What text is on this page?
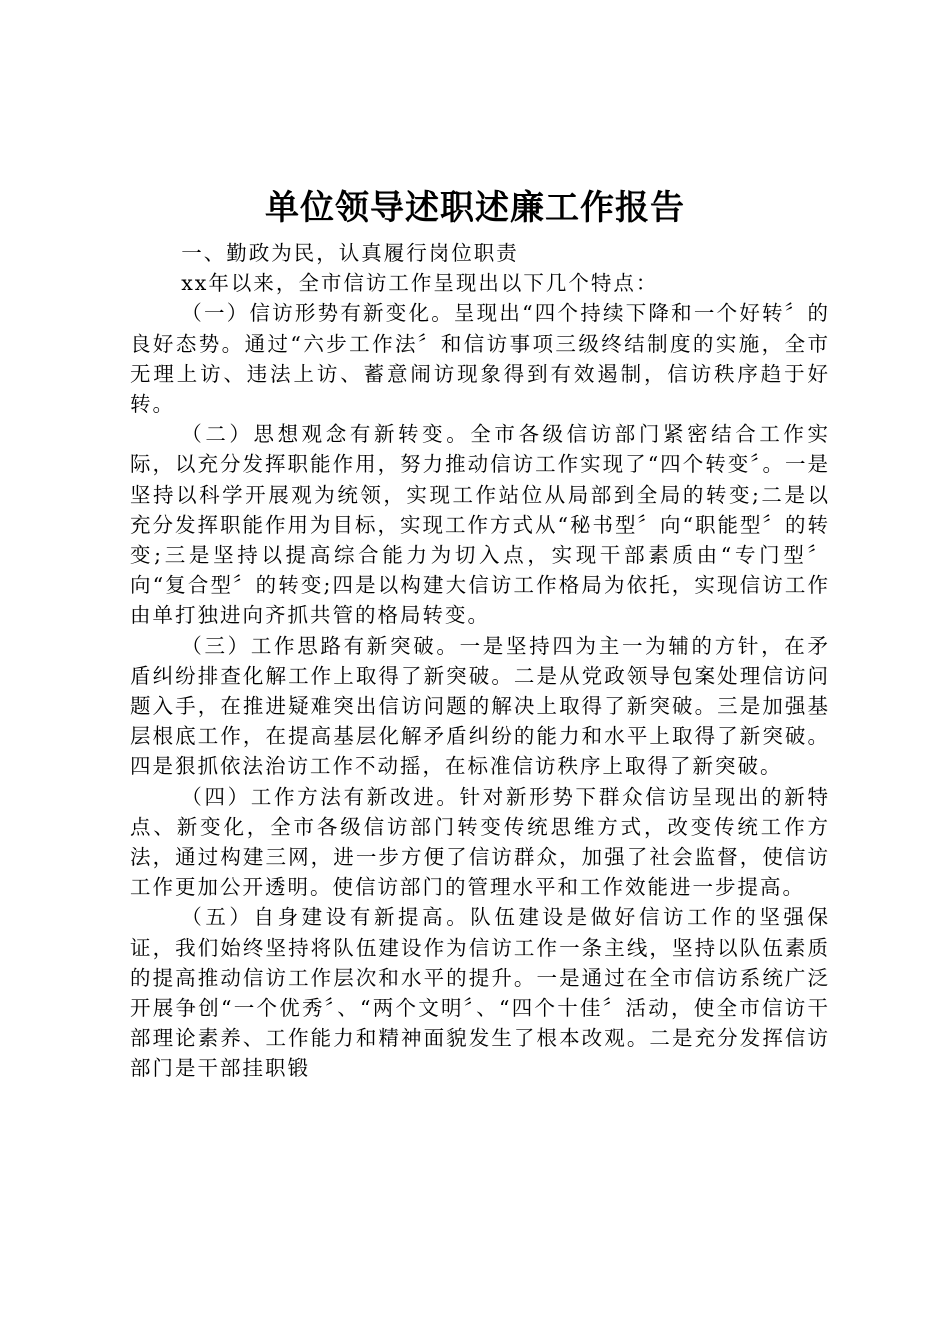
单位领导述职述廉工作报告

一、勤政为民，认真履行岗位职责

xx年以来，全市信访工作呈现出以下几个特点：

（一）信访形势有新变化。呈现出“四个持续下降和一个好转〞的良好态势。通过“六步工作法〞和信访事项三级终结制度的实施，全市无理上访、违法上访、蓄意闹访现象得到有效遏制，信访秩序趋于好转。

（二）思想观念有新转变。全市各级信访部门紧密结合工作实际，以充分发挥职能作用，努力推动信访工作实现了“四个转变〞。一是坚持以科学开展观为统领，实现工作站位从局部到全局的转变;二是以充分发挥职能作用为目标，实现工作方式从“秘书型〞向“职能型〞的转变;三是坚持以提高综合能力为切入点，实现干部素质由“专门型〞向“复合型〞的转变;四是以构建大信访工作格局为依托，实现信访工作由单打独进向齐抓共管的格局转变。

（三）工作思路有新突破。一是坚持四为主一为辅的方针，在矛盾纠纷排查化解工作上取得了新突破。二是从党政领导包案处理信访问题入手，在推进疑难突出信访问题的解决上取得了新突破。三是加强基层根底工作，在提高基层化解矛盾纠纷的能力和水平上取得了新突破。四是狠抓依法治访工作不动摇，在标准信访秩序上取得了新突破。

（四）工作方法有新改进。针对新形势下群众信访呈现出的新特点、新变化，全市各级信访部门转变传统思维方式，改变传统工作方法，通过构建三网，进一步方便了信访群众，加强了社会监督，使信访工作更加公开透明。使信访部门的管理水平和工作效能进一步提高。

（五）自身建设有新提高。队伍建设是做好信访工作的坚强保证，我们始终坚持将队伍建设作为信访工作一条主线，坚持以队伍素质的提高推动信访工作层次和水平的提升。一是通过在全市信访系统广泛开展争创“一个优秀〞、“两个文明〞、“四个十佳〞活动，使全市信访干部理论素养、工作能力和精神面貌发生了根本改观。二是充分发挥信访部门是干部挂职锻
